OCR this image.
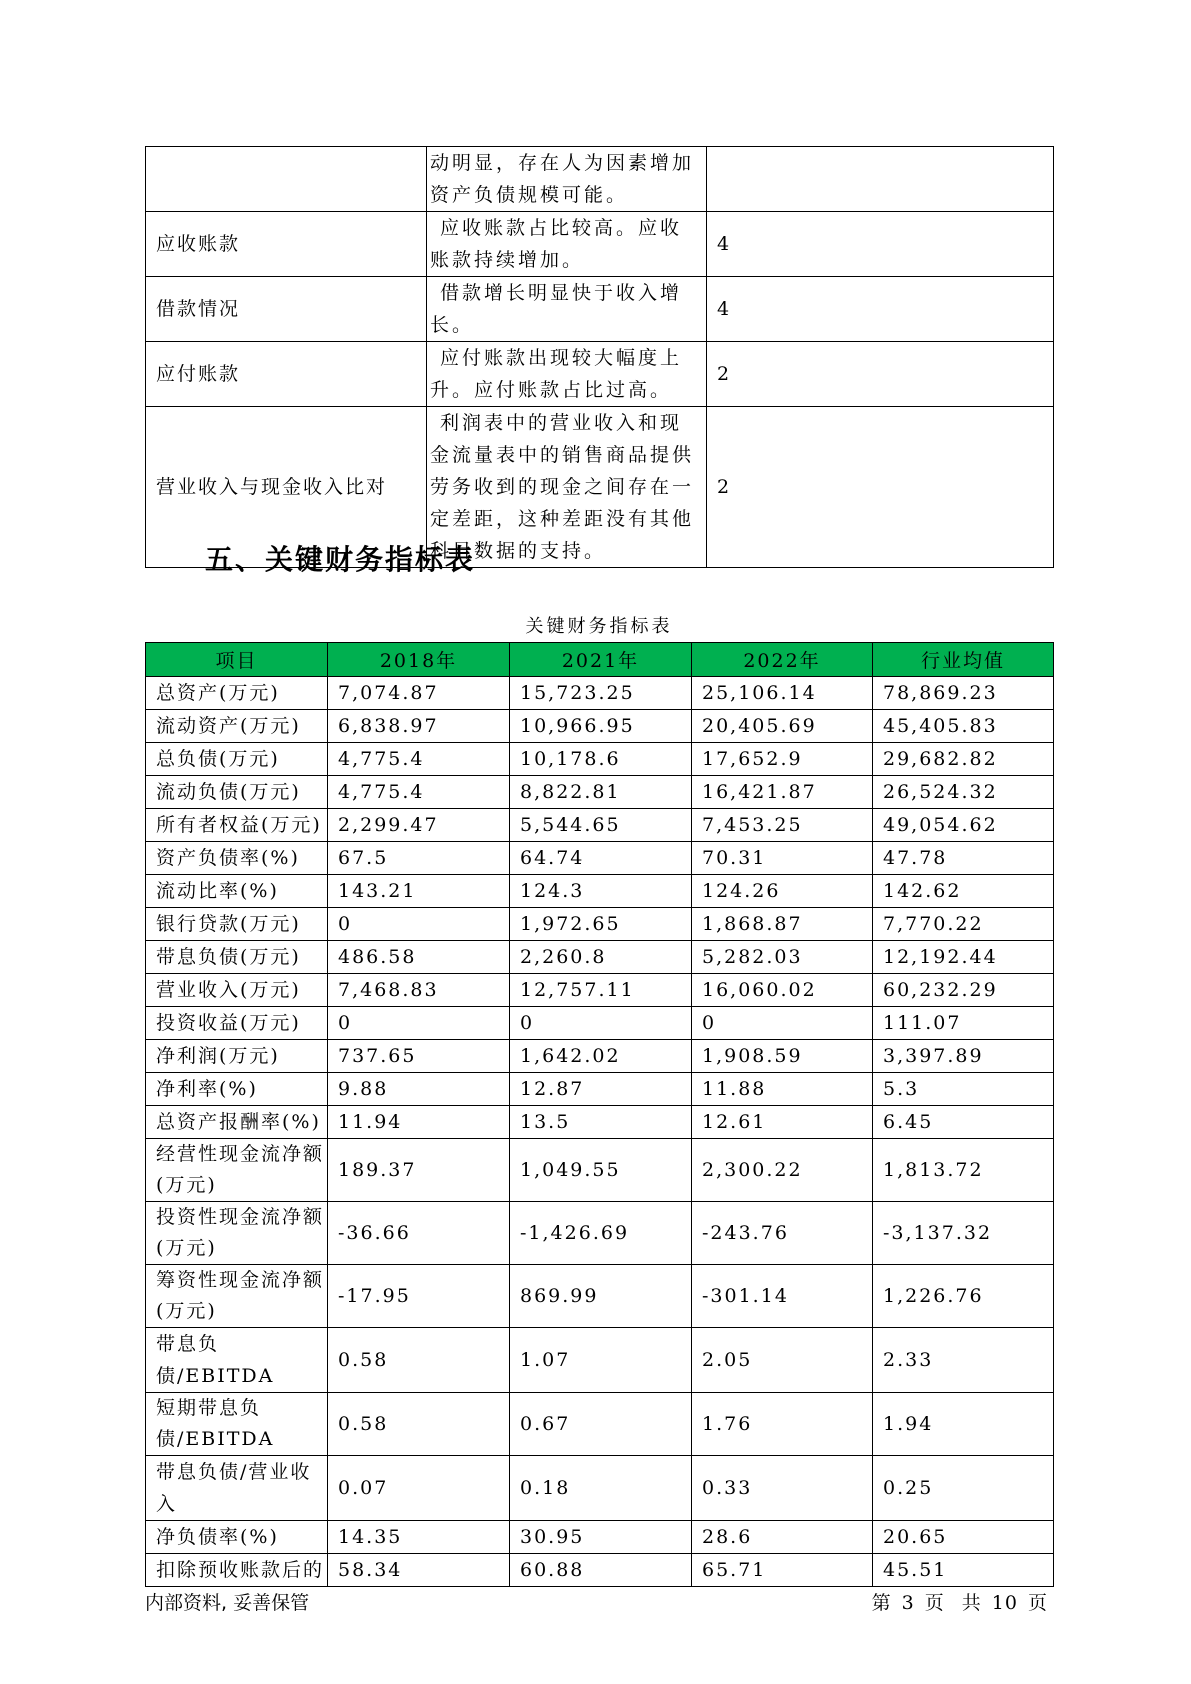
	动明显，存在人为因素增加资产负债规模可能。	
应收账款	应收账款占比较高。应收账款持续增加。	4
借款情况	借款增长明显快于收入增长。	4
应付账款	应付账款出现较大幅度上升。应付账款占比过高。	2
营业收入与现金收入比对	利润表中的营业收入和现金流量表中的销售商品提供劳务收到的现金之间存在一定差距，这种差距没有其他科目数据的支持。	2
五、关键财务指标表
关键财务指标表
项目	2018年	2021年	2022年	行业均值
总资产(万元)	7,074.87	15,723.25	25,106.14	78,869.23
流动资产(万元)	6,838.97	10,966.95	20,405.69	45,405.83
总负债(万元)	4,775.4	10,178.6	17,652.9	29,682.82
流动负债(万元)	4,775.4	8,822.81	16,421.87	26,524.32
所有者权益(万元)	2,299.47	5,544.65	7,453.25	49,054.62
资产负债率(%)	67.5	64.74	70.31	47.78
流动比率(%)	143.21	124.3	124.26	142.62
银行贷款(万元)	0	1,972.65	1,868.87	7,770.22
带息负债(万元)	486.58	2,260.8	5,282.03	12,192.44
营业收入(万元)	7,468.83	12,757.11	16,060.02	60,232.29
投资收益(万元)	0	0	0	111.07
净利润(万元)	737.65	1,642.02	1,908.59	3,397.89
净利率(%)	9.88	12.87	11.88	5.3
总资产报酬率(%)	11.94	13.5	12.61	6.45
经营性现金流净额(万元)	189.37	1,049.55	2,300.22	1,813.72
投资性现金流净额(万元)	-36.66	-1,426.69	-243.76	-3,137.32
筹资性现金流净额(万元)	-17.95	869.99	-301.14	1,226.76
带息负债/EBITDA	0.58	1.07	2.05	2.33
短期带息负债/EBITDA	0.58	0.67	1.76	1.94
带息负债/营业收入	0.07	0.18	0.33	0.25
净负债率(%)	14.35	30.95	28.6	20.65
扣除预收账款后的	58.34	60.88	65.71	45.51
内部资料, 妥善保管	第 3 页 共 10 页
